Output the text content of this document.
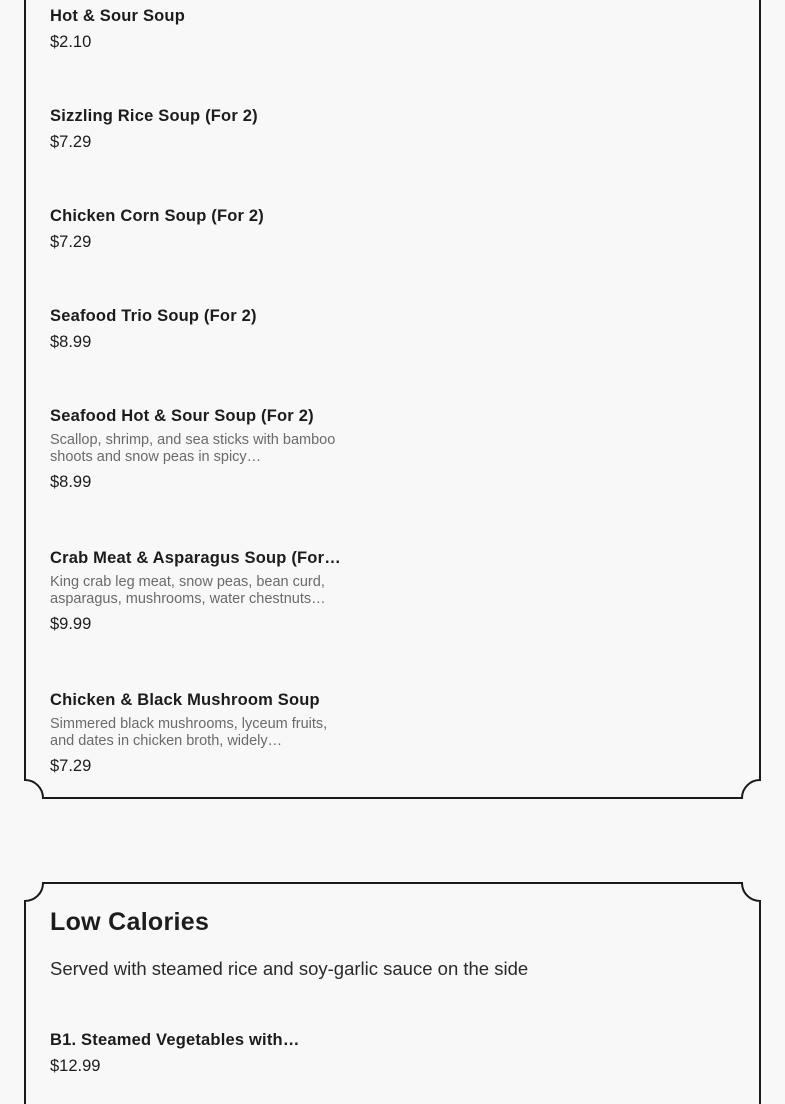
Hot & Sour Soup
$2.10
Sizzling Rice Soup (For 2)
$7.29
Chicken Corn Soup (For 2)
$7.29
Seafood Trio Soup (For 2)
$8.99
Seafood Hot & Sour Soup (For 2)
Scallop, shrimp, and sea sticks with bamboo shoots and snow peas in spicy…
$8.99
Crab Meat & Asparagus Soup (For…
King crab leg meat, snow peas, bean curd, asparagus, mushrooms, water chestnuts…
$9.99
Chicken & Black Mushroom Soup
Simmered black mushrooms, lyceum fruits, and dates in chicken broth, widely…
$7.29
Low Calories
Served with steamed rice and soy-garlic sauce on the side
B1. Steamed Vegetables with…
$12.99
